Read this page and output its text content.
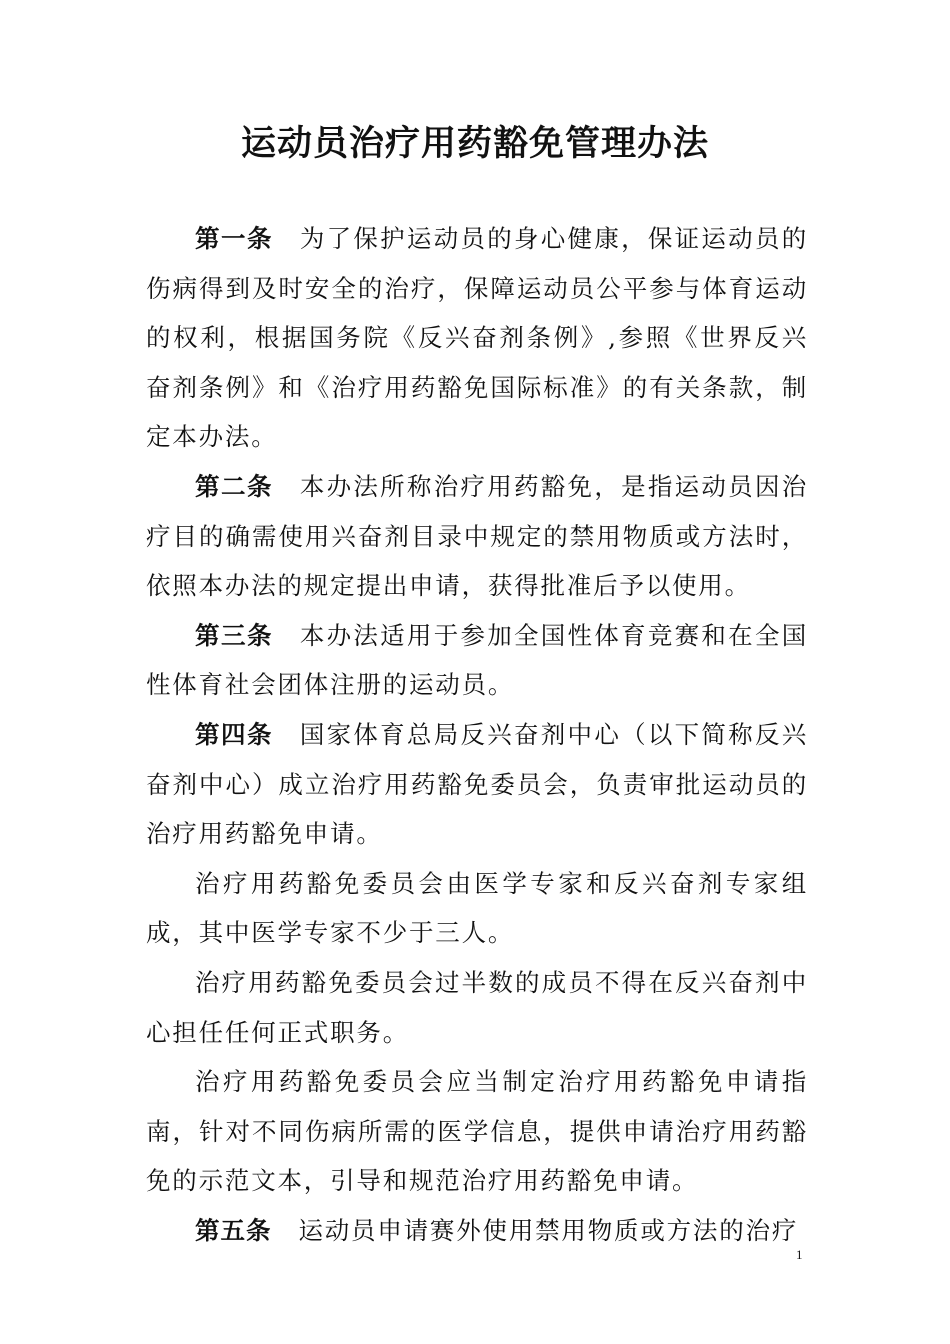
运动员治疗用药豁免管理办法

第一条 为了保护运动员的身心健康，保证运动员的伤病得到及时安全的治疗，保障运动员公平参与体育运动的权利，根据国务院《反兴奋剂条例》,参照《世界反兴奋剂条例》和《治疗用药豁免国际标准》的有关条款，制定本办法。

第二条 本办法所称治疗用药豁免，是指运动员因治疗目的确需使用兴奋剂目录中规定的禁用物质或方法时，依照本办法的规定提出申请，获得批准后予以使用。

第三条 本办法适用于参加全国性体育竞赛和在全国性体育社会团体注册的运动员。

第四条 国家体育总局反兴奋剂中心（以下简称反兴奋剂中心）成立治疗用药豁免委员会，负责审批运动员的治疗用药豁免申请。

治疗用药豁免委员会由医学专家和反兴奋剂专家组成，其中医学专家不少于三人。

治疗用药豁免委员会过半数的成员不得在反兴奋剂中心担任任何正式职务。

治疗用药豁免委员会应当制定治疗用药豁免申请指南，针对不同伤病所需的医学信息，提供申请治疗用药豁免的示范文本，引导和规范治疗用药豁免申请。

第五条 运动员申请赛外使用禁用物质或方法的治疗

1
